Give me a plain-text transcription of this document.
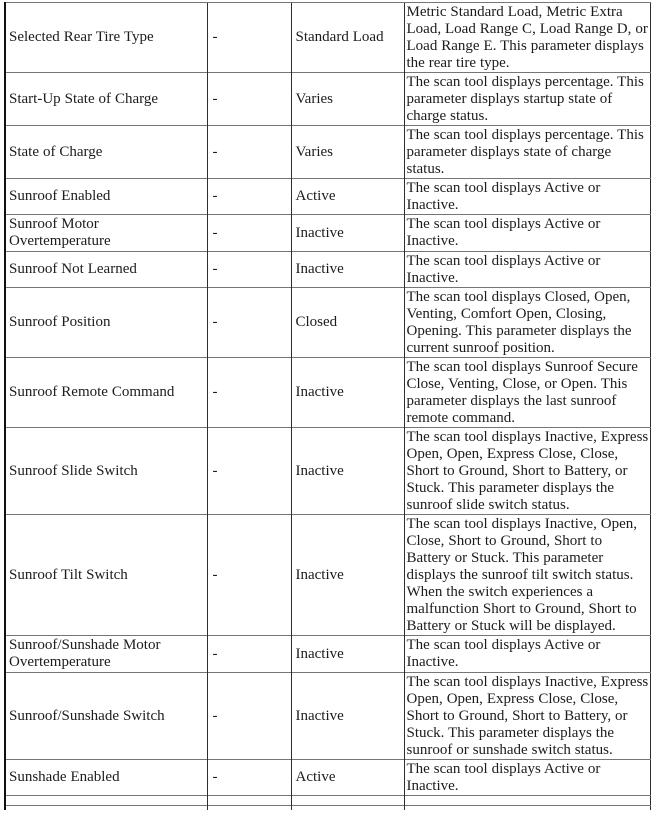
Selected Rear Tire Type	-	Standard Load	Metric Standard Load, Metric Extra Load, Load Range C, Load Range D, or Load Range E. This parameter displays the rear tire type.
Start-Up State of Charge	-	Varies	The scan tool displays percentage. This parameter displays startup state of charge status.
State of Charge	-	Varies	The scan tool displays percentage. This parameter displays state of charge status.
Sunroof Enabled	-	Active	The scan tool displays Active or Inactive.
Sunroof Motor Overtemperature	-	Inactive	The scan tool displays Active or Inactive.
Sunroof Not Learned	-	Inactive	The scan tool displays Active or Inactive.
Sunroof Position	-	Closed	The scan tool displays Closed, Open, Venting, Comfort Open, Closing, Opening. This parameter displays the current sunroof position.
Sunroof Remote Command	-	Inactive	The scan tool displays Sunroof Secure Close, Venting, Close, or Open. This parameter displays the last sunroof remote command.
Sunroof Slide Switch	-	Inactive	The scan tool displays Inactive, Express Open, Open, Express Close, Close, Short to Ground, Short to Battery, or Stuck. This parameter displays the sunroof slide switch status.
Sunroof Tilt Switch	-	Inactive	The scan tool displays Inactive, Open, Close, Short to Ground, Short to Battery or Stuck. This parameter displays the sunroof tilt switch status. When the switch experiences a malfunction Short to Ground, Short to Battery or Stuck will be displayed.
Sunroof/Sunshade Motor Overtemperature	-	Inactive	The scan tool displays Active or Inactive.
Sunroof/Sunshade Switch	-	Inactive	The scan tool displays Inactive, Express Open, Open, Express Close, Close, Short to Ground, Short to Battery, or Stuck. This parameter displays the sunroof or sunshade switch status.
Sunshade Enabled	-	Active	The scan tool displays Active or Inactive.
